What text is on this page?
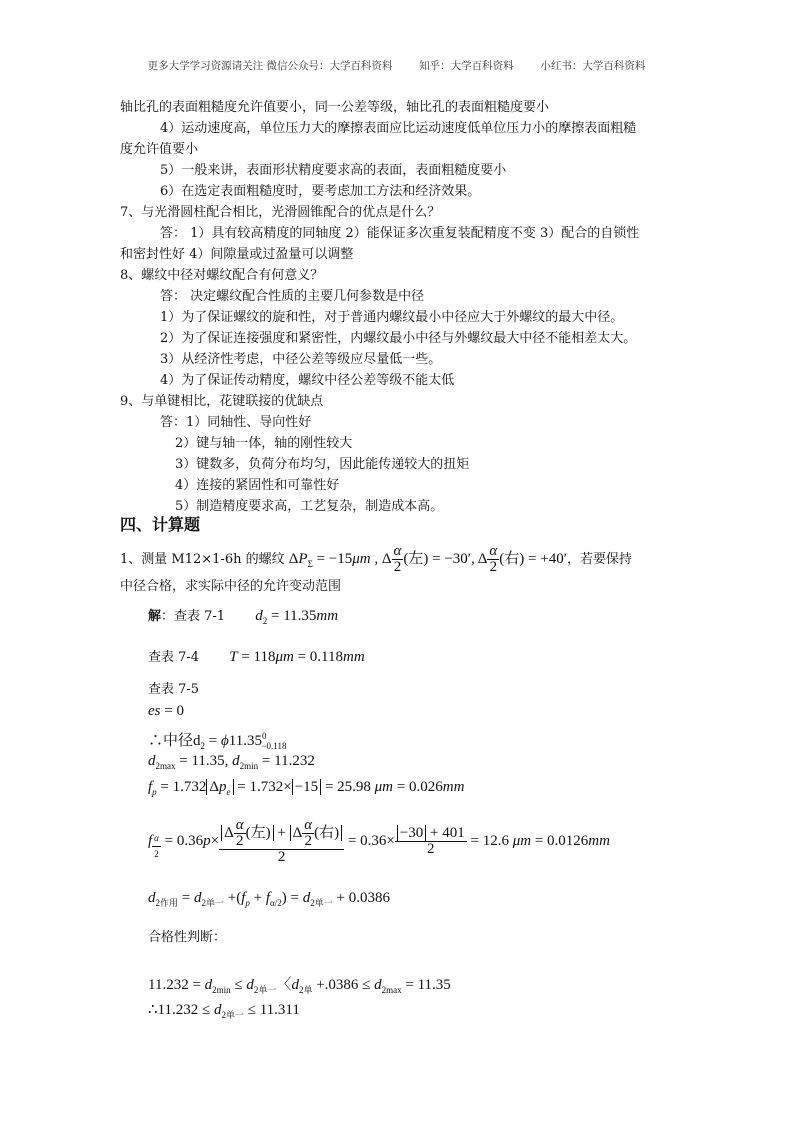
更多大学学习资源请关注 微信公众号：大学百科资料        知乎：大学百科资料        小红书：大学百科资料
轴比孔的表面粗糙度允许值要小，同一公差等级，轴比孔的表面粗糙度要小
4）运动速度高，单位压力大的摩擦表面应比运动速度低单位压力小的摩擦表面粗糙
度允许值要小
5）一般来讲，表面形状精度要求高的表面，表面粗糙度要小
6）在选定表面粗糙度时，要考虑加工方法和经济效果。
7、与光滑圆柱配合相比，光滑圆锥配合的优点是什么？
答： 1）具有较高精度的同轴度 2）能保证多次重复装配精度不变 3）配合的自锁性
和密封性好 4）间隙量或过盈量可以调整
8、螺纹中径对螺纹配合有何意义？
答： 决定螺纹配合性质的主要几何参数是中径
1）为了保证螺纹的旋和性，对于普通内螺纹最小中径应大于外螺纹的最大中径。
2）为了保证连接强度和紧密性，内螺纹最小中径与外螺纹最大中径不能相差太大。
3）从经济性考虑，中径公差等级应尽量低一些。
4）为了保证传动精度，螺纹中径公差等级不能太低
9、与单键相比，花键联接的优缺点
答：1）同轴性、导向性好
2）键与轴一体，轴的刚性较大
3）键数多，负荷分布均匀，因此能传递较大的扭矩
4）连接的紧固性和可靠性好
5）制造精度要求高，工艺复杂，制造成本高。
四、计算题
1、测量 M12×1-6h 的螺纹 $\Delta P_\Sigma = -15\mu m$ , Δ $\frac{\alpha}{2}$ (左) = −30′, Δ $\frac{\alpha}{2}$ (右) = +40′，若要保持
中径合格，求实际中径的允许变动范围
解：查表 7-1 $d_2 = 11.35mm$
查表 7-4 T = 118μm = 0.118mm
查表 7-5
es = 0
∴中径$d_2 = \phi 11.35^0_{-0.118}$
$d_{2max} = 11.35$, $d_{2min} = 11.232$
$f_p = 1.732$ $\Delta p_e = 1.732\times -15 = 25.98$ μm = 0.026mm
f $_{\frac{\alpha}{2}} = 0.36p\times \frac{\Delta \frac{\alpha}{2} (左) + \Delta \frac{\alpha}{2} (右)}{2} = 0.36\times \frac{-30 + 401}{2} = 12.6$ μm = 0.0126mm
$d_{2作用} = d_{2单一} +(f_p + f_{\alpha/2}) = d_{2单一} + 0.0386$
合格性判断：
$11.232 = d_{2min} \le d_{2单一}$〈$d_{2单} +.0386 \le d_{2max} = 11.35$
∴11.232 ≤ $d_{2单一} \le 11.311$
